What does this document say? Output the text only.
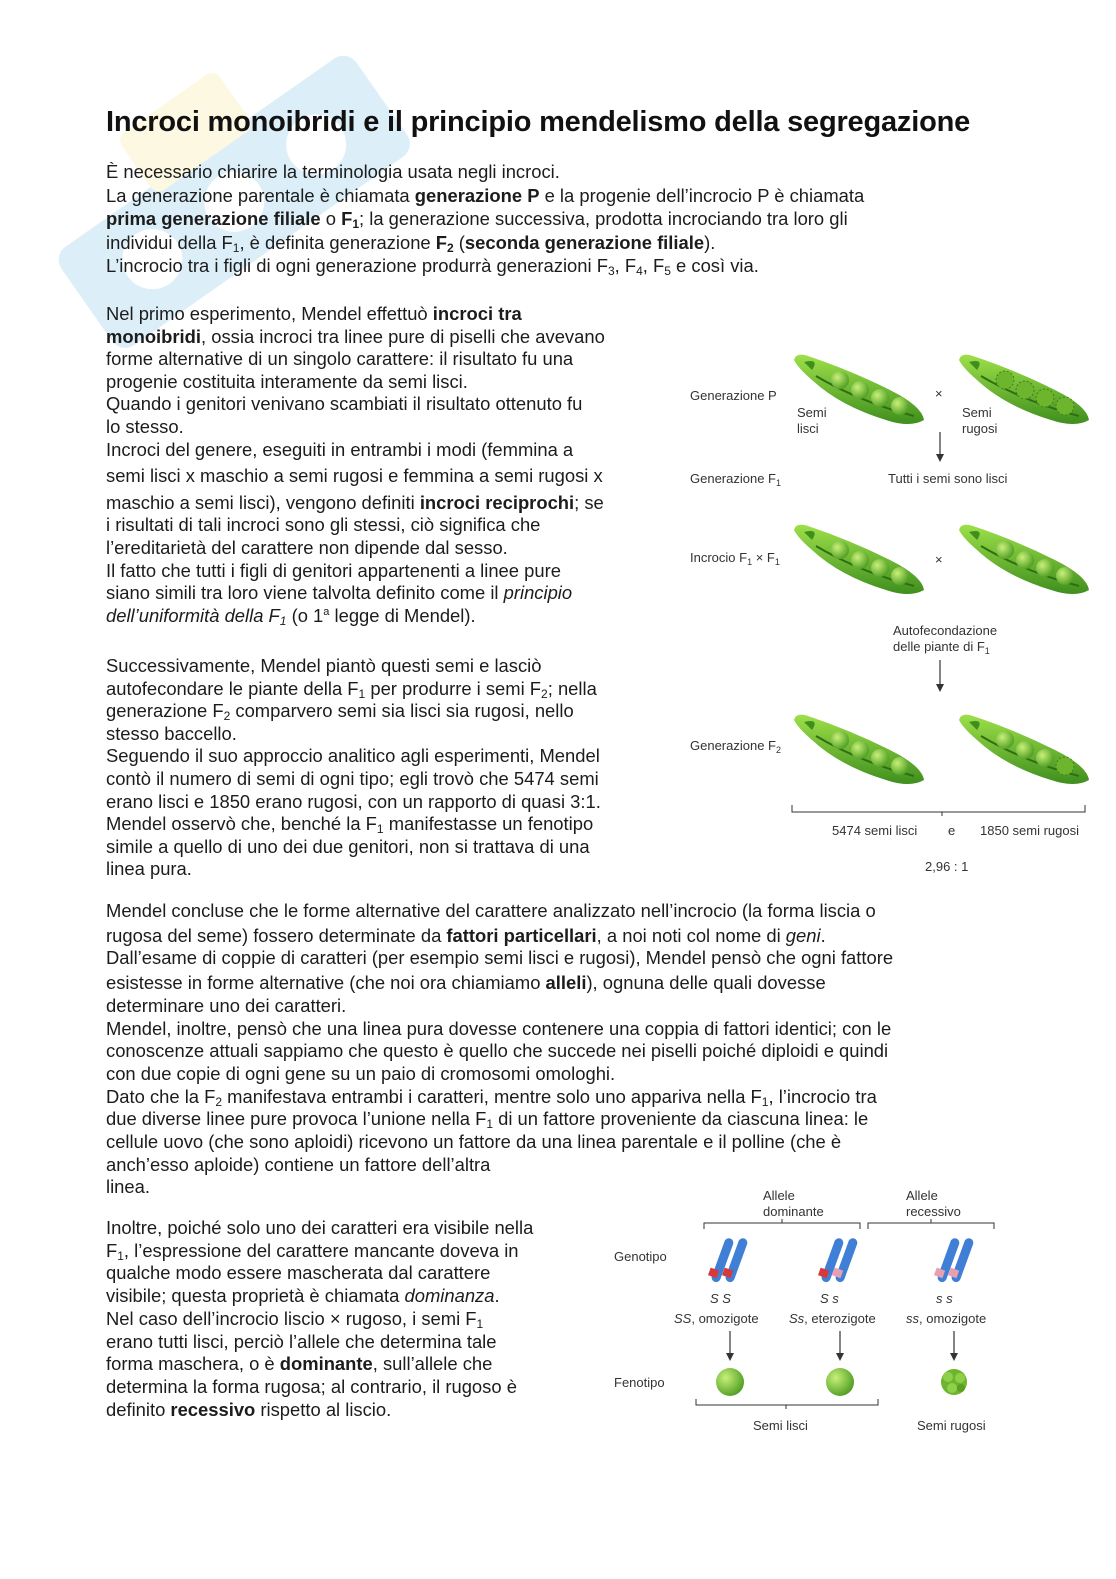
Incroci monoibridi e il principio mendelismo della segregazione
È necessario chiarire la terminologia usata negli incroci.
La generazione parentale è chiamata generazione P e la progenie dell’incrocio P è chiamata
prima generazione filiale o $F_1$; la generazione successiva, prodotta incrociando tra loro gli
individui della $F_1$, è definita generazione $F_2$ (seconda generazione filiale).
L’incrocio tra i figli di ogni generazione produrrà generazioni $F_3$, $F_4$, $F_5$ e così via.
Nel primo esperimento, Mendel effettuò incroci tra
monoibridi, ossia incroci tra linee pure di piselli che avevano
forme alternative di un singolo carattere: il risultato fu una
progenie costituita interamente da semi lisci.
Quando i genitori venivano scambiati il risultato ottenuto fu
lo stesso.
Incroci del genere, eseguiti in entrambi i modi (femmina a
semi lisci x maschio a semi rugosi e femmina a semi rugosi x
maschio a semi lisci), vengono definiti incroci reciprochi; se
i risultati di tali incroci sono gli stessi, ciò significa che
l’ereditarietà del carattere non dipende dal sesso.
Il fatto che tutti i figli di genitori appartenenti a linee pure
siano simili tra loro viene talvolta definito come il principio
dell’uniformità della $F_1$ (o 1$^a$ legge di Mendel).
Successivamente, Mendel piantò questi semi e lasciò
autofecondare le piante della $F_1$ per produrre i semi $F_2$; nella
generazione $F_2$ comparvero semi sia lisci sia rugosi, nello
stesso baccello.
Seguendo il suo approccio analitico agli esperimenti, Mendel
contò il numero di semi di ogni tipo; egli trovò che 5474 semi
erano lisci e 1850 erano rugosi, con un rapporto di quasi 3:1.
Mendel osservò che, benché la $F_1$ manifestasse un fenotipo
simile a quello di uno dei due genitori, non si trattava di una
linea pura.
Mendel concluse che le forme alternative del carattere analizzato nell’incrocio (la forma liscia o
rugosa del seme) fossero determinate da fattori particellari, a noi noti col nome di geni.
Dall’esame di coppie di caratteri (per esempio semi lisci e rugosi), Mendel pensò che ogni fattore
esistesse in forme alternative (che noi ora chiamiamo alleli), ognuna delle quali dovesse
determinare uno dei caratteri.
Mendel, inoltre, pensò che una linea pura dovesse contenere una coppia di fattori identici; con le
conoscenze attuali sappiamo che questo è quello che succede nei piselli poiché diploidi e quindi
con due copie di ogni gene su un paio di cromosomi omologhi.
Dato che la $F_2$ manifestava entrambi i caratteri, mentre solo uno appariva nella $F_1$, l’incrocio tra
due diverse linee pure provoca l’unione nella $F_1$ di un fattore proveniente da ciascuna linea: le
cellule uovo (che sono aploidi) ricevono un fattore da una linea parentale e il polline (che è
anch’esso aploide) contiene un fattore dell’altra
linea.
Inoltre, poiché solo uno dei caratteri era visibile nella
$F_1$, l’espressione del carattere mancante doveva in
qualche modo essere mascherata dal carattere
visibile; questa proprietà è chiamata dominanza.
Nel caso dell’incrocio liscio × rugoso, i semi $F_1$
erano tutti lisci, perciò l’allele che determina tale
forma maschera, o è dominante, sull’allele che
determina la forma rugosa; al contrario, il rugoso è
definito recessivo rispetto al liscio.
Generazione P	×
Semi
lisci
Semi
rugosi
Generazione $F_1$	Tutti i semi sono lisci
Incrocio $F_1 \times F_1$	×
Autofecondazione
delle piante di $F_1$
Generazione $F_2$
5474 semi lisci e 1850 semi rugosi
2,96 : 1
Allele
dominante
Allele
recessivo
Genotipo
S S	S s	s s
SS, omozigote Ss, eterozigote ss, omozigote
Fenotipo
Semi lisci	Semi rugosi
